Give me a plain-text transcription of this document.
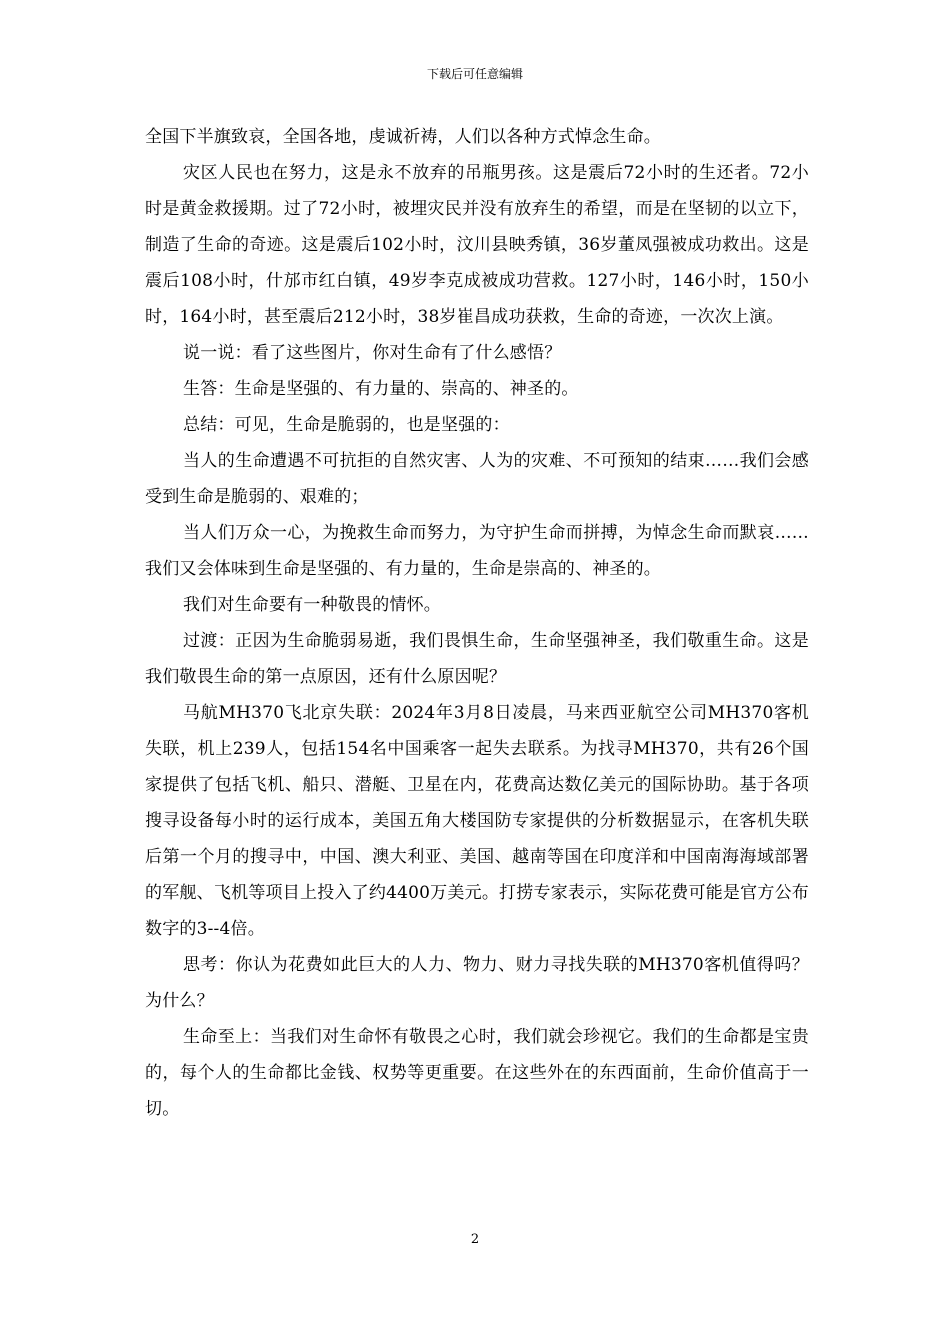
下载后可任意编辑

全国下半旗致哀，全国各地，虔诚祈祷，人们以各种方式悼念生命。

灾区人民也在努力，这是永不放弃的吊瓶男孩。这是震后72小时的生还者。72小时是黄金救援期。过了72小时，被埋灾民并没有放弃生的希望，而是在坚韧的以立下，制造了生命的奇迹。这是震后102小时，汶川县映秀镇，36岁董凤强被成功救出。这是震后108小时，什邡市红白镇，49岁李克成被成功营救。127小时，146小时，150小时，164小时，甚至震后212小时，38岁崔昌成功获救，生命的奇迹，一次次上演。

说一说：看了这些图片，你对生命有了什么感悟？

生答：生命是坚强的、有力量的、崇高的、神圣的。

总结：可见，生命是脆弱的，也是坚强的：

当人的生命遭遇不可抗拒的自然灾害、人为的灾难、不可预知的结束……我们会感受到生命是脆弱的、艰难的；

当人们万众一心，为挽救生命而努力，为守护生命而拼搏，为悼念生命而默哀……我们又会体味到生命是坚强的、有力量的，生命是崇高的、神圣的。

我们对生命要有一种敬畏的情怀。

过渡：正因为生命脆弱易逝，我们畏惧生命，生命坚强神圣，我们敬重生命。这是我们敬畏生命的第一点原因，还有什么原因呢？

马航MH370飞北京失联：2024年3月8日凌晨，马来西亚航空公司MH370客机失联，机上239人，包括154名中国乘客一起失去联系。为找寻MH370，共有26个国家提供了包括飞机、船只、潜艇、卫星在内，花费高达数亿美元的国际协助。基于各项搜寻设备每小时的运行成本，美国五角大楼国防专家提供的分析数据显示，在客机失联后第一个月的搜寻中，中国、澳大利亚、美国、越南等国在印度洋和中国南海海域部署的军舰、飞机等项目上投入了约4400万美元。打捞专家表示，实际花费可能是官方公布数字的3--4倍。

思考：你认为花费如此巨大的人力、物力、财力寻找失联的MH370客机值得吗？为什么？

生命至上：当我们对生命怀有敬畏之心时，我们就会珍视它。我们的生命都是宝贵的，每个人的生命都比金钱、权势等更重要。在这些外在的东西面前，生命价值高于一切。

2
